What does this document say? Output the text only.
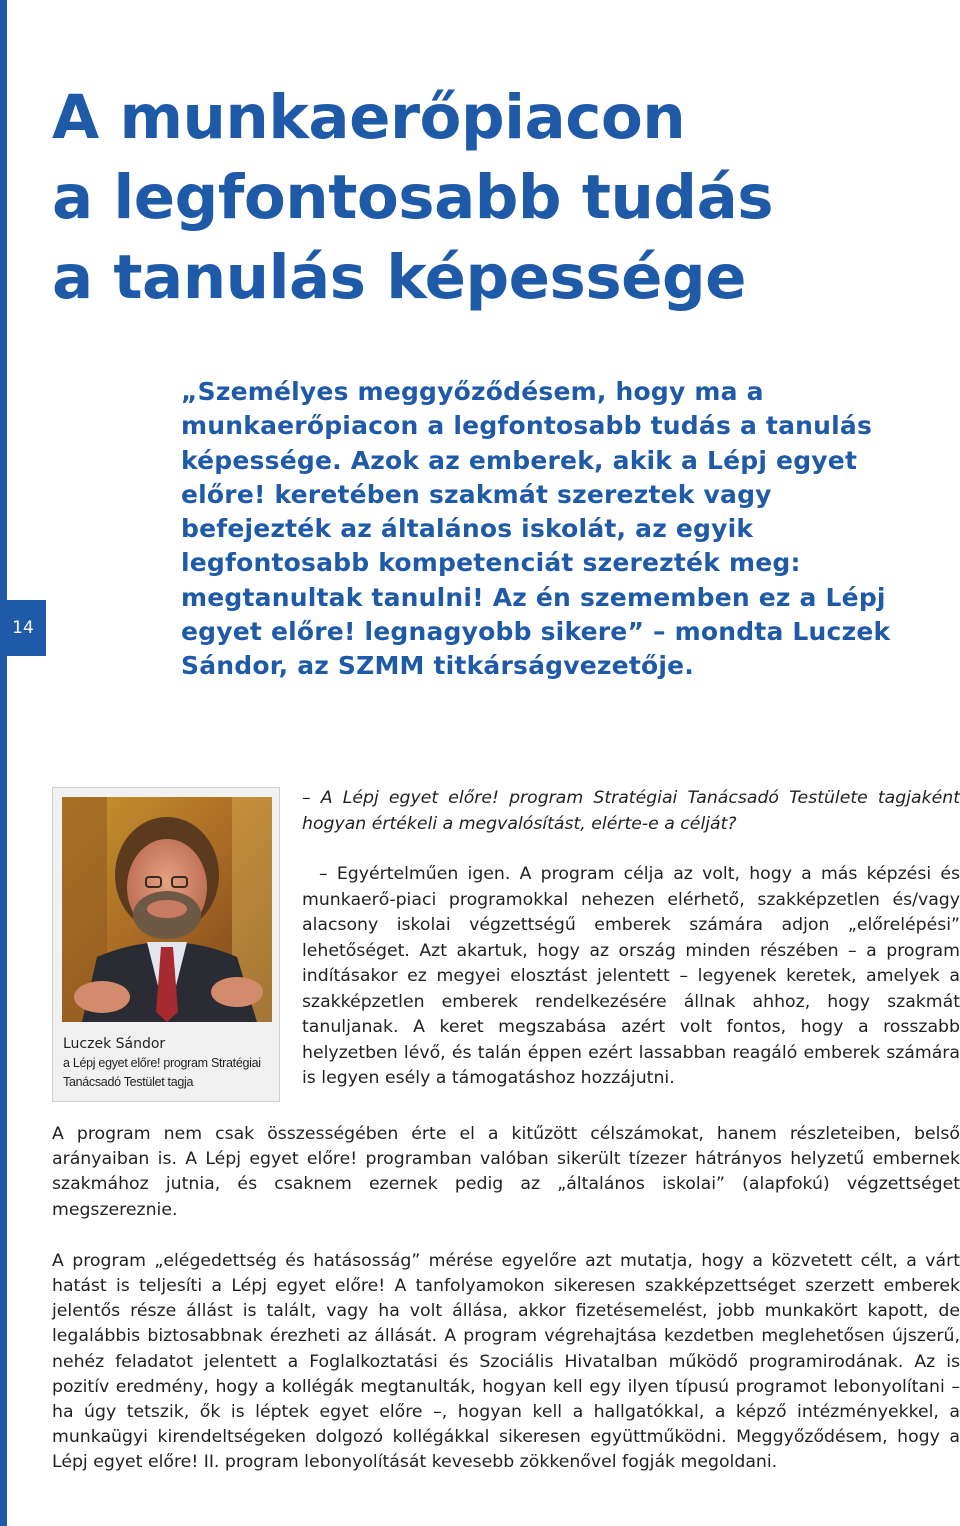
14
A munkaerőpiacon
a legfontosabb tudás
a tanulás képessége

„Személyes meggyőződésem, hogy ma a munkaerőpiacon a legfontosabb tudás a tanulás képessége. Azok az emberek, akik a Lépj egyet előre! keretében szakmát szereztek vagy befejezték az általános iskolát, az egyik legfontosabb kompetenciát szerezték meg: megtanultak tanulni! Az én szememben ez a Lépj egyet előre! legnagyobb sikere” – mondta Luczek Sándor, az SZMM titkárságvezetője.

Luczek Sándor
a Lépj egyet előre! program Stratégiai Tanácsadó Testület tagja

– A Lépj egyet előre! program Stratégiai Tanácsadó Testülete tagjaként hogyan értékeli a megvalósítást, elérte-e a célját?

– Egyértelműen igen. A program célja az volt, hogy a más képzési és munkaerő-piaci programokkal nehezen elérhető, szakképzetlen és/vagy alacsony iskolai végzettségű emberek számára adjon „előrelépési” lehetőséget. Azt akartuk, hogy az ország minden részében – a program indításakor ez megyei elosztást jelentett – legyenek keretek, amelyek a szakképzetlen emberek rendelkezésére állnak ahhoz, hogy szakmát tanuljanak. A keret megszabása azért volt fontos, hogy a rosszabb helyzetben lévő, és talán éppen ezért lassabban reagáló emberek számára is legyen esély a támogatáshoz hozzájutni.

A program nem csak összességében érte el a kitűzött célszámokat, hanem részleteiben, belső arányaiban is. A Lépj egyet előre! programban valóban sikerült tízezer hátrányos helyzetű embernek szakmához jutnia, és csaknem ezernek pedig az „általános iskolai” (alapfokú) végzettséget megszereznie.

A program „elégedettség és hatásosság” mérése egyelőre azt mutatja, hogy a közvetett célt, a várt hatást is teljesíti a Lépj egyet előre! A tanfolyamokon sikeresen szakképzettséget szerzett emberek jelentős része állást is talált, vagy ha volt állása, akkor fizetésemelést, jobb munkakört kapott, de legalábbis biztosabbnak érezheti az állását. A program végrehajtása kezdetben meglehetősen újszerű, nehéz feladatot jelentett a Foglalkoztatási és Szociális Hivatalban működő programirodának. Az is pozitív eredmény, hogy a kollégák megtanulták, hogyan kell egy ilyen típusú programot lebonyolítani – ha úgy tetszik, ők is léptek egyet előre –, hogyan kell a hallgatókkal, a képző intézményekkel, a munkaügyi kirendeltségeken dolgozó kollégákkal sikeresen együttműködni. Meggyőződésem, hogy a Lépj egyet előre! II. program lebonyolítását kevesebb zökkenővel fogják megoldani.
